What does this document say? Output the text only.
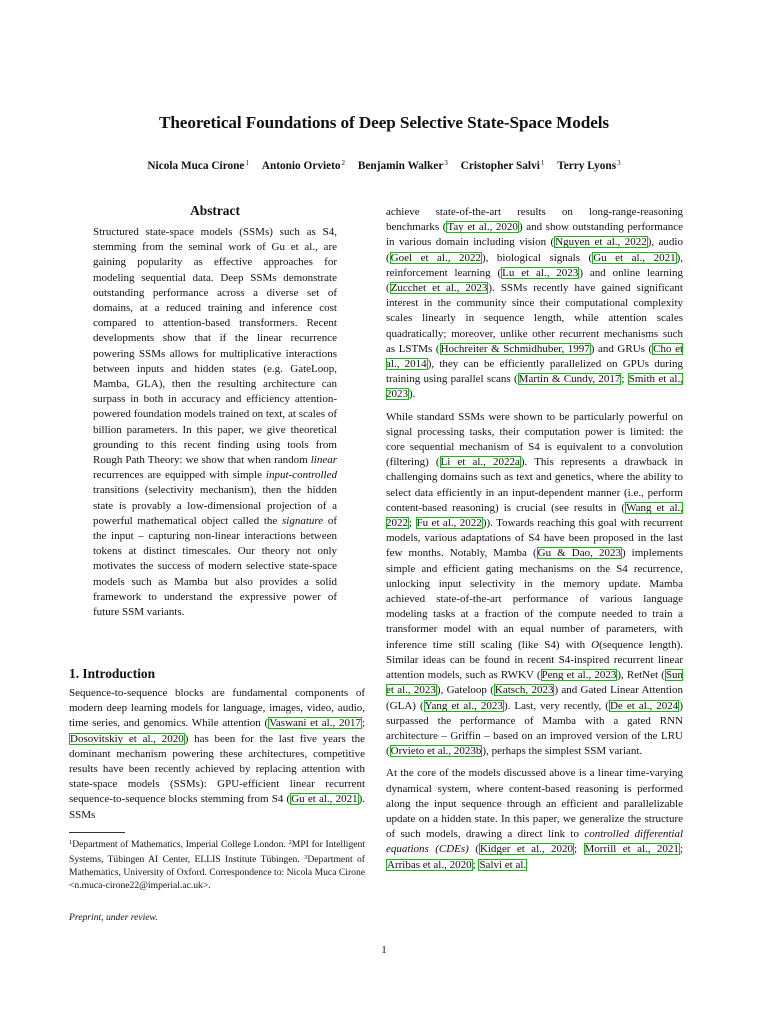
Theoretical Foundations of Deep Selective State-Space Models
Nicola Muca Cirone$^1$ Antonio Orvieto$^2$ Benjamin Walker$^3$ Cristopher Salvi$^1$ Terry Lyons$^3$
Abstract

Structured state-space models (SSMs) such as S4, stemming from the seminal work of Gu et al., are gaining popularity as effective approaches for modeling sequential data. Deep SSMs demonstrate outstanding performance across a diverse set of domains, at a reduced training and inference cost compared to attention-based transformers. Recent developments show that if the linear recurrence powering SSMs allows for multiplicative interactions between inputs and hidden states (e.g. GateLoop, Mamba, GLA), then the resulting architecture can surpass in both in accuracy and efficiency attention-powered foundation models trained on text, at scales of billion parameters. In this paper, we give theoretical grounding to this recent finding using tools from Rough Path Theory: we show that when random linear recurrences are equipped with simple input-controlled transitions (selectivity mechanism), then the hidden state is provably a low-dimensional projection of a powerful mathematical object called the signature of the input – capturing non-linear interactions between tokens at distinct timescales. Our theory not only motivates the success of modern selective state-space models such as Mamba but also provides a solid framework to understand the expressive power of future SSM variants.

1. Introduction

Sequence-to-sequence blocks are fundamental components of modern deep learning models for language, images, video, audio, time series, and genomics. While attention (Vaswani et al., 2017; Dosovitskiy et al., 2020) has been for the last five years the dominant mechanism powering these architectures, competitive results have been recently achieved by replacing attention with state-space models (SSMs): GPU-efficient linear recurrent sequence-to-sequence blocks stemming from S4 (Gu et al., 2021). SSMs

$^1$Department of Mathematics, Imperial College London. $^2$MPI for Intelligent Systems, Tübingen AI Center, ELLIS Institute Tübingen. $^3$Department of Mathematics, University of Oxford. Correspondence to: Nicola Muca Cirone <n.muca-cirone22@imperial.ac.uk>.
Preprint, under review.

achieve state-of-the-art results on long-range-reasoning benchmarks (Tay et al., 2020) and show outstanding performance in various domain including vision (Nguyen et al., 2022), audio (Goel et al., 2022), biological signals (Gu et al., 2021), reinforcement learning (Lu et al., 2023) and online learning (Zucchet et al., 2023). SSMs recently have gained significant interest in the community since their computational complexity scales linearly in sequence length, while attention scales quadratically; moreover, unlike other recurrent mechanisms such as LSTMs (Hochreiter & Schmidhuber, 1997) and GRUs (Cho et al., 2014), they can be efficiently parallelized on GPUs during training using parallel scans (Martin & Cundy, 2017; Smith et al., 2023).

While standard SSMs were shown to be particularly powerful on signal processing tasks, their computation power is limited: the core sequential mechanism of S4 is equivalent to a convolution (filtering) (Li et al., 2022a). This represents a drawback in challenging domains such as text and genetics, where the ability to select data efficiently in an input-dependent manner (i.e., perform content-based reasoning) is crucial (see results in (Wang et al., 2022; Fu et al., 2022)). Towards reaching this goal with recurrent models, various adaptations of S4 have been proposed in the last few months. Notably, Mamba (Gu & Dao, 2023) implements simple and efficient gating mechanisms on the S4 recurrence, unlocking input selectivity in the memory update. Mamba achieved state-of-the-art performance of various language modeling tasks at a fraction of the compute needed to train a transformer model with an equal number of parameters, with inference time still scaling (like S4) with O(sequence length). Similar ideas can be found in recent S4-inspired recurrent linear attention models, such as RWKV (Peng et al., 2023), RetNet (Sun et al., 2023), Gateloop (Katsch, 2023) and Gated Linear Attention (GLA) (Yang et al., 2023). Last, very recently, (De et al., 2024) surpassed the performance of Mamba with a gated RNN architecture – Griffin – based on an improved version of the LRU (Orvieto et al., 2023b), perhaps the simplest SSM variant.

At the core of the models discussed above is a linear time-varying dynamical system, where content-based reasoning is performed along the input sequence through an efficient and parallelizable update on a hidden state. In this paper, we generalize the structure of such models, drawing a direct link to controlled differential equations (CDEs) (Kidger et al., 2020; Morrill et al., 2021; Arribas et al., 2020; Salvi et al.

1
